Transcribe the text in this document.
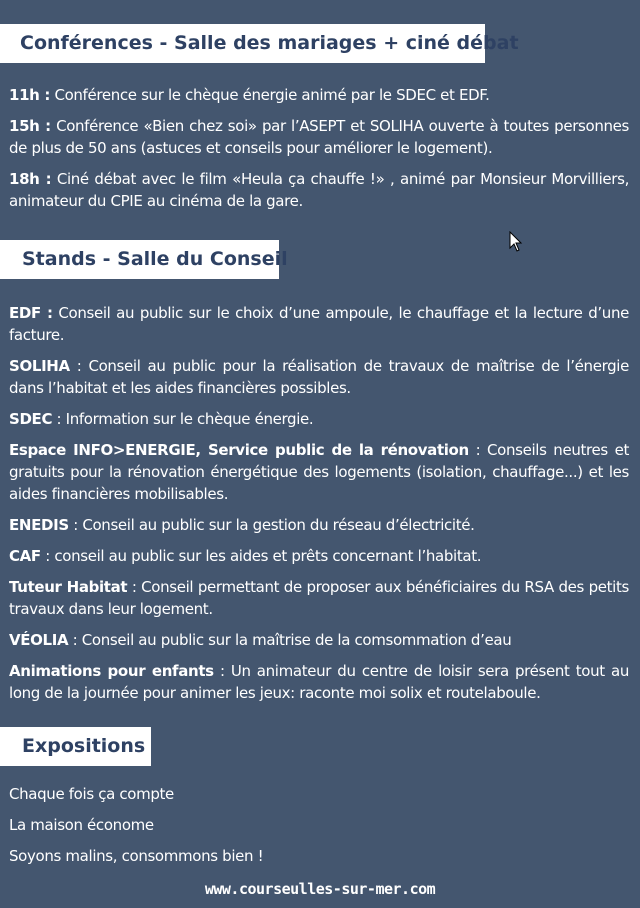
Conférences - Salle des mariages + ciné débat

11h : Conférence sur le chèque énergie animé par le SDEC et EDF.

15h : Conférence «Bien chez soi» par l’ASEPT et SOLIHA ouverte à toutes personnes de plus de 50 ans (astuces et conseils pour améliorer le logement).

18h : Ciné débat avec le film «Heula ça chauffe !» , animé par Monsieur Morvilliers, animateur du CPIE au cinéma de la gare.

Stands - Salle du Conseil

EDF : Conseil au public sur le choix d’une ampoule, le chauffage et la lecture d’une facture.

SOLIHA : Conseil au public pour la réalisation de travaux de maîtrise de l’énergie dans l’habitat et les aides financières possibles.

SDEC : Information sur le chèque énergie.

Espace INFO>ENERGIE, Service public de la rénovation : Conseils neutres et gratuits pour la rénovation énergétique des logements (isolation, chauffage...) et les aides financières mobilisables.

ENEDIS : Conseil au public sur la gestion du réseau d’électricité.

CAF : conseil au public sur les aides et prêts concernant l’habitat.

Tuteur Habitat : Conseil permettant de proposer aux bénéficiaires du RSA des petits travaux dans leur logement.

VÉOLIA : Conseil au public sur la maîtrise de la comsommation d’eau

Animations pour enfants : Un animateur du centre de loisir sera présent tout au long de la journée pour animer les jeux: raconte moi solix et routelaboule.

Expositions

Chaque fois ça compte

La maison économe

Soyons malins, consommons bien !

www.courseulles-sur-mer.com
